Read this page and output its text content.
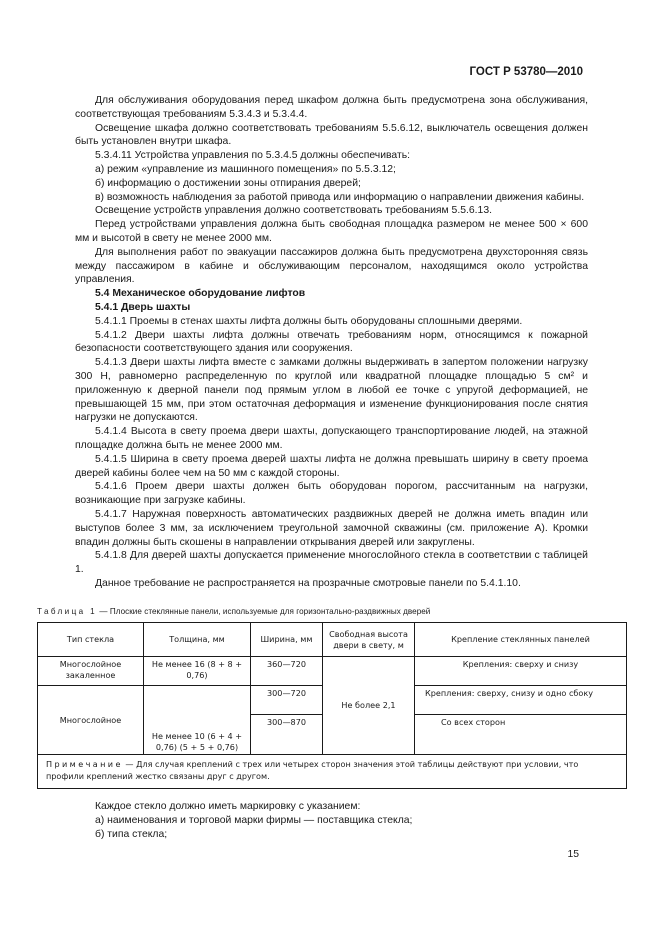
ГОСТ Р 53780—2010

Для обслуживания оборудования перед шкафом должна быть предусмотрена зона обслуживания, соответствующая требованиям 5.3.4.3 и 5.3.4.4.

Освещение шкафа должно соответствовать требованиям 5.5.6.12, выключатель освещения должен быть установлен внутри шкафа.

5.3.4.11 Устройства управления по 5.3.4.5 должны обеспечивать:

а) режим «управление из машинного помещения» по 5.5.3.12;

б) информацию о достижении зоны отпирания дверей;

в) возможность наблюдения за работой привода или информацию о направлении движения кабины.

Освещение устройств управления должно соответствовать требованиям 5.5.6.13.

Перед устройствами управления должна быть свободная площадка размером не менее 500 × 600 мм и высотой в свету не менее 2000 мм.

Для выполнения работ по эвакуации пассажиров должна быть предусмотрена двухсторонняя связь между пассажиром в кабине и обслуживающим персоналом, находящимся около устройства управления.

5.4 Механическое оборудование лифтов

5.4.1 Дверь шахты

5.4.1.1 Проемы в стенах шахты лифта должны быть оборудованы сплошными дверями.

5.4.1.2 Двери шахты лифта должны отвечать требованиям норм, относящимся к пожарной безопасности соответствующего здания или сооружения.

5.4.1.3 Двери шахты лифта вместе с замками должны выдерживать в запертом положении нагрузку 300 Н, равномерно распределенную по круглой или квадратной площадке площадью 5 см² и приложенную к дверной панели под прямым углом в любой ее точке с упругой деформацией, не превышающей 15 мм, при этом остаточная деформация и изменение функционирования после снятия нагрузки не допускаются.

5.4.1.4 Высота в свету проема двери шахты, допускающего транспортирование людей, на этажной площадке должна быть не менее 2000 мм.

5.4.1.5 Ширина в свету проема дверей шахты лифта не должна превышать ширину в свету проема дверей кабины более чем на 50 мм с каждой стороны.

5.4.1.6 Проем двери шахты должен быть оборудован порогом, рассчитанным на нагрузки, возникающие при загрузке кабины.

5.4.1.7 Наружная поверхность автоматических раздвижных дверей не должна иметь впадин или выступов более 3 мм, за исключением треугольной замочной скважины (см. приложение А). Кромки впадин должны быть скошены в направлении открывания дверей или закруглены.

5.4.1.8 Для дверей шахты допускается применение многослойного стекла в соответствии с таблицей 1.

Данное требование не распространяется на прозрачные смотровые панели по 5.4.1.10.

Таблица 1 — Плоские стеклянные панели, используемые для горизонтально-раздвижных дверей
Тип стекла	Толщина, мм	Ширина, мм	Свободная высота двери в свету, м	Крепление стеклянных панелей
Многослойное закаленное	Не менее 16 (8 + 8 + 0,76)	360—720	Не более 2,1	Крепления: сверху и снизу
Многослойное	Не менее 10 (6 + 4 + 0,76) (5 + 5 + 0,76)	300—720		Крепления: сверху, снизу и одно сбоку
		300—870		Со всех сторон
Примечание — Для случая креплений с трех или четырех сторон значения этой таблицы действуют при условии, что профили креплений жестко связаны друг с другом.				

Каждое стекло должно иметь маркировку с указанием:

а) наименования и торговой марки фирмы — поставщика стекла;

б) типа стекла;

15
